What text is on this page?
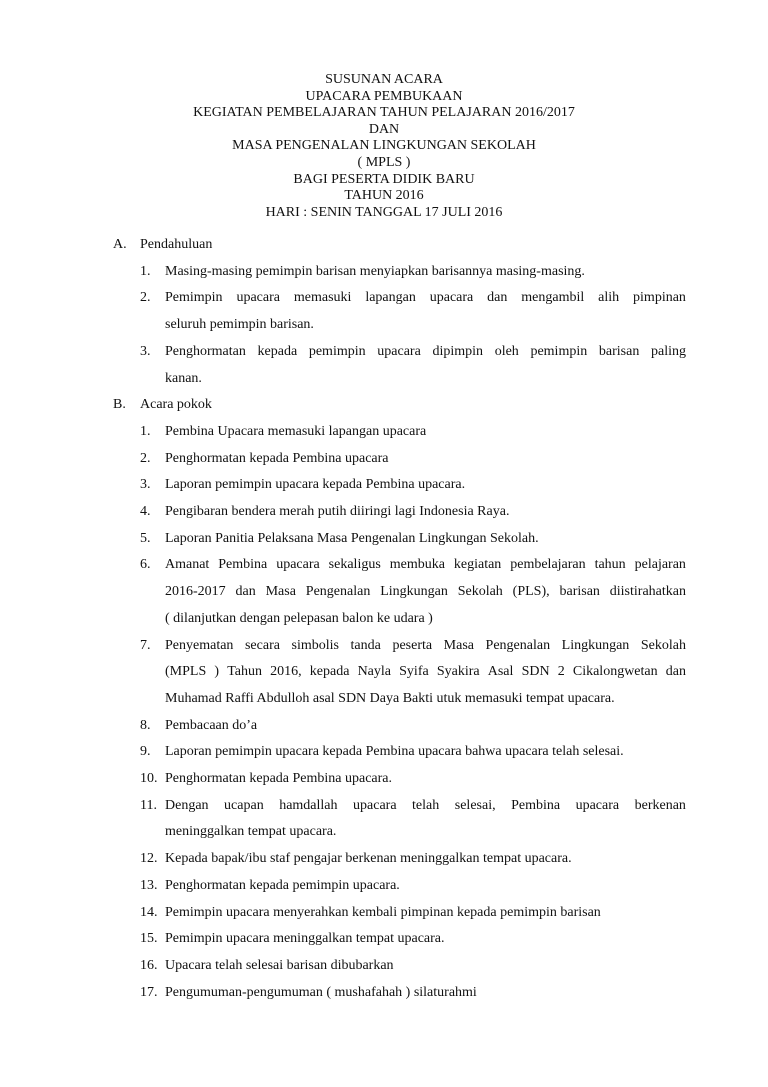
SUSUNAN ACARA
UPACARA PEMBUKAAN
KEGIATAN PEMBELAJARAN TAHUN PELAJARAN 2016/2017
DAN
MASA PENGENALAN LINGKUNGAN SEKOLAH
( MPLS )
BAGI PESERTA DIDIK BARU
TAHUN 2016
HARI : SENIN TANGGAL 17 JULI 2016
A. Pendahuluan
1.	Masing-masing pemimpin barisan menyiapkan barisannya masing-masing.
2.	Pemimpin upacara memasuki lapangan upacara dan mengambil alih pimpinan
seluruh pemimpin barisan.
3.	Penghormatan kepada pemimpin upacara dipimpin oleh pemimpin barisan paling
kanan.
B.	Acara pokok
1.	Pembina Upacara memasuki lapangan upacara
2.	Penghormatan kepada Pembina upacara
3.	Laporan pemimpin upacara kepada Pembina upacara.
4.	Pengibaran bendera merah putih diiringi lagi Indonesia Raya.
5.	Laporan Panitia Pelaksana Masa Pengenalan Lingkungan Sekolah.
6.	Amanat Pembina upacara sekaligus membuka kegiatan pembelajaran tahun pelajaran
2016-2017 dan Masa Pengenalan Lingkungan Sekolah (PLS), barisan diistirahatkan
( dilanjutkan dengan pelepasan balon ke udara )
7.	Penyematan secara simbolis tanda peserta Masa Pengenalan Lingkungan Sekolah
(MPLS ) Tahun 2016, kepada Nayla Syifa Syakira Asal SDN 2 Cikalongwetan dan
Muhamad Raffi Abdulloh asal SDN Daya Bakti utuk memasuki tempat upacara.
8.	Pembacaan do’a
9.	Laporan pemimpin upacara kepada Pembina upacara bahwa upacara telah selesai.
10. Penghormatan kepada Pembina upacara.
11. Dengan ucapan hamdallah upacara telah selesai, Pembina upacara berkenan
meninggalkan tempat upacara.
12. Kepada bapak/ibu staf pengajar berkenan meninggalkan tempat upacara.
13. Penghormatan kepada pemimpin upacara.
14. Pemimpin upacara menyerahkan kembali pimpinan kepada pemimpin barisan
15. Pemimpin upacara meninggalkan tempat upacara.
16. Upacara telah selesai barisan dibubarkan
17. Pengumuman-pengumuman ( mushafahah ) silaturahmi
